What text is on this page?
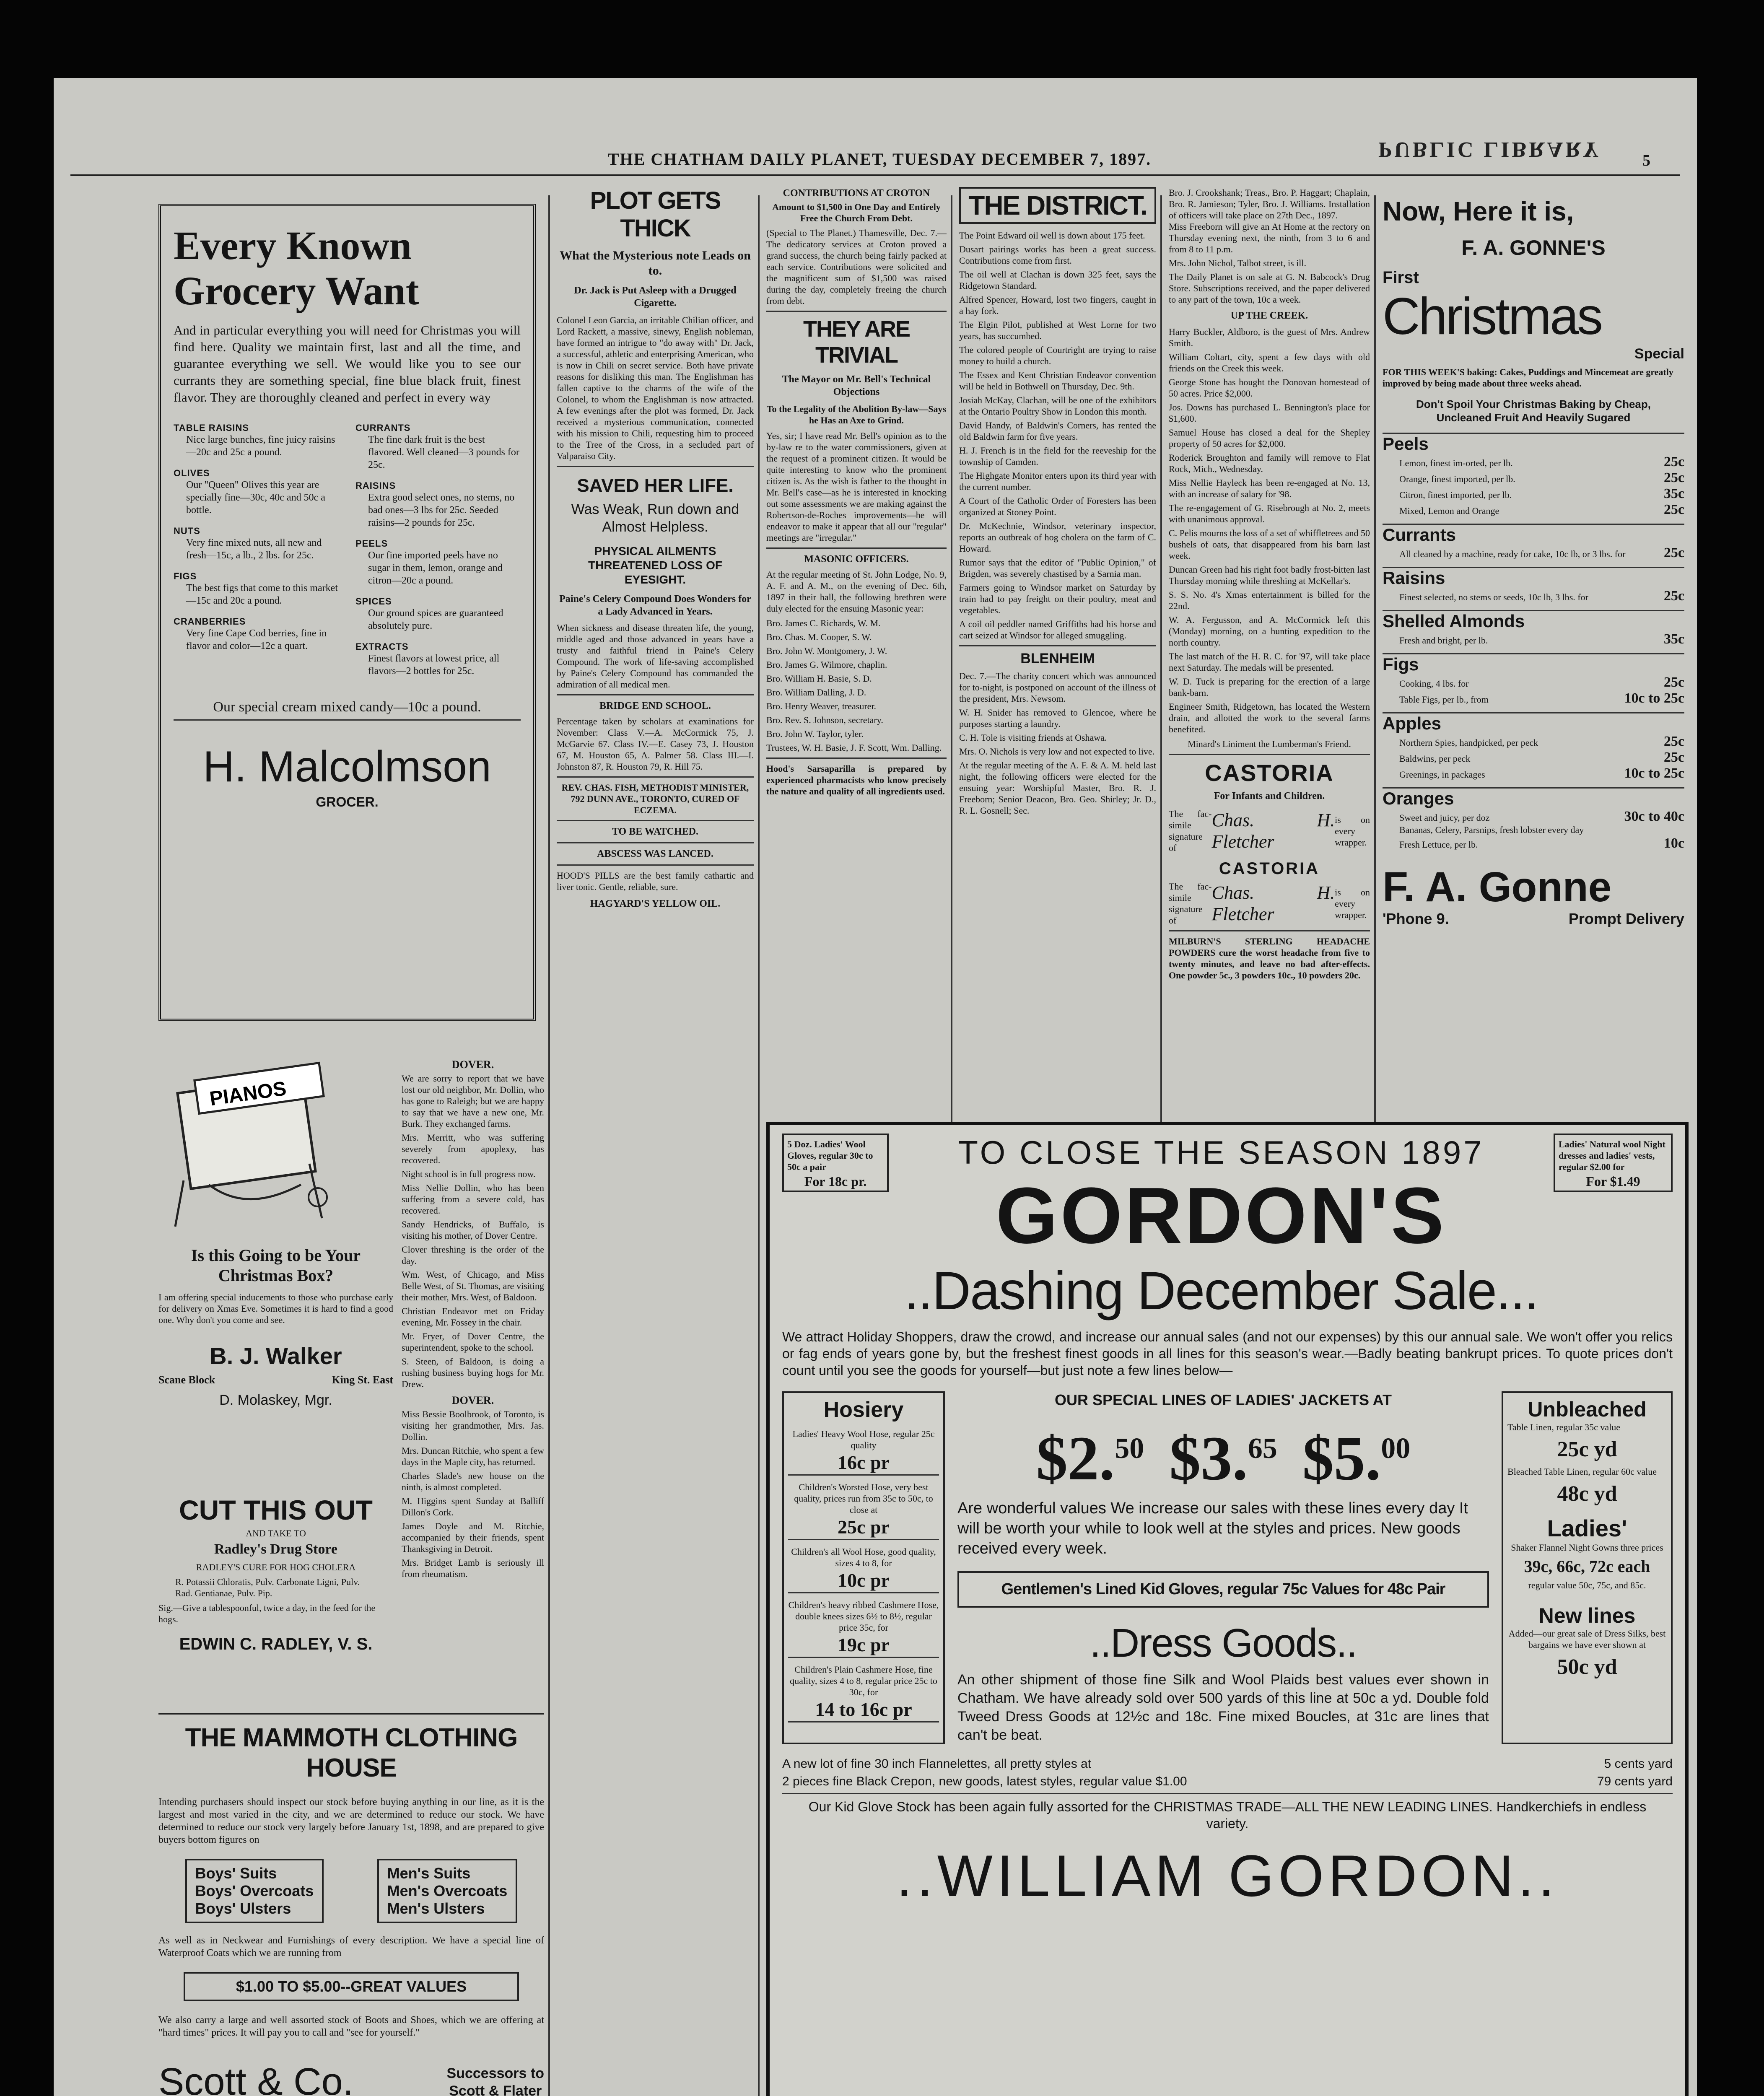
THE CHATHAM DAILY PLANET, TUESDAY DECEMBER 7, 1897.	PUBLIC LIBRARY	5
Every Known
Grocery Want
And in particular everything you will need for Christmas you will find here. Quality we maintain first, last and all the time, and guarantee everything we sell. We would like you to see our currants they are something special, fine blue black fruit, finest flavor. They are thoroughly cleaned and perfect in every way
TABLE RAISINS
Nice large bunches, fine juicy raisins—20c and 25c a pound.
OLIVES
Our "Queen" Olives this year are specially fine—30c, 40c and 50c a bottle.
NUTS
Very fine mixed nuts, all new and fresh—15c, a lb., 2 lbs. for 25c.
FIGS
The best figs that come to this market—15c and 20c a pound.
CRANBERRIES
Very fine Cape Cod berries, fine in flavor and color—12c a quart.
CURRANTS
The fine dark fruit is the best flavored. Well cleaned—3 pounds for 25c.
RAISINS
Extra good select ones, no stems, no bad ones—3 lbs for 25c. Seeded raisins—2 pounds for 25c.
PEELS
Our fine imported peels have no sugar in them, lemon, orange and citron—20c a pound.
SPICES
Our ground spices are guaranteed absolutely pure.
EXTRACTS
Finest flavors at lowest price, all flavors—2 bottles for 25c.
Our special cream mixed candy—10c a pound.
H. Malcolmson
GROCER.
PIANOS
Is this Going to be Your Christmas Box?
I am offering special inducements to those who purchase early for delivery on Xmas Eve. Sometimes it is hard to find a good one. Why don't you come and see.
B. J. Walker
Scane Block	King St. East
D. Molaskey, Mgr.
CUT THIS OUT
AND TAKE TO
Radley's Drug Store
RADLEY'S CURE FOR HOG CHOLERA
R. Potassii Chloratis, Pulv. Carbonate Ligni, Pulv. Rad. Gentianae, Pulv. Pip.
Sig.—Give a tablespoonful, twice a day, in the feed for the hogs.
EDWIN C. RADLEY, V. S.
DOVER.

We are sorry to report that we have lost our old neighbor, Mr. Dollin, who has gone to Raleigh; but we are happy to say that we have a new one, Mr. Burk. They exchanged farms.

Mrs. Merritt, who was suffering severely from apoplexy, has recovered.

Night school is in full progress now.

Miss Nellie Dollin, who has been suffering from a severe cold, has recovered.

Sandy Hendricks, of Buffalo, is visiting his mother, of Dover Centre.

Clover threshing is the order of the day.

Wm. West, of Chicago, and Miss Belle West, of St. Thomas, are visiting their mother, Mrs. West, of Baldoon.

Christian Endeavor met on Friday evening, Mr. Fossey in the chair.

Mr. Fryer, of Dover Centre, the superintendent, spoke to the school.

S. Steen, of Baldoon, is doing a rushing business buying hogs for Mr. Drew.

DOVER.

Miss Bessie Boolbrook, of Toronto, is visiting her grandmother, Mrs. Jas. Dollin.

Mrs. Duncan Ritchie, who spent a few days in the Maple city, has returned.

Charles Slade's new house on the ninth, is almost completed.

M. Higgins spent Sunday at Balliff Dillon's Cork.

James Doyle and M. Ritchie, accompanied by their friends, spent Thanksgiving in Detroit.

Mrs. Bridget Lamb is seriously ill from rheumatism.

THE MAMMOTH CLOTHING HOUSE
Intending purchasers should inspect our stock before buying anything in our line, as it is the largest and most varied in the city, and we are determined to reduce our stock. We have determined to reduce our stock very largely before January 1st, 1898, and are prepared to give buyers bottom figures on
Boys' Suits
Boys' Overcoats
Boys' Ulsters
Men's Suits
Men's Overcoats
Men's Ulsters
As well as in Neckwear and Furnishings of every description. We have a special line of Waterproof Coats which we are running from
$1.00 TO $5.00--GREAT VALUES
We also carry a large and well assorted stock of Boots and Shoes, which we are offering at "hard times" prices. It will pay you to call and "see for yourself."
Scott & Co.	Successors to
Scott & Flater
PLOT GETS THICK
What the Mysterious note Leads on to.
Dr. Jack is Put Asleep with a Drugged Cigarette.
Colonel Leon Garcia, an irritable Chilian officer, and Lord Rackett, a massive, sinewy, English nobleman, have formed an intrigue to "do away with" Dr. Jack, a successful, athletic and enterprising American, who is now in Chili on secret service. Both have private reasons for disliking this man. The Englishman has fallen captive to the charms of the wife of the Colonel, to whom the Englishman is now attracted. A few evenings after the plot was formed, Dr. Jack received a mysterious communication, connected with his mission to Chili, requesting him to proceed to the Tree of the Cross, in a secluded part of Valparaiso City.
SAVED HER LIFE.
Was Weak, Run down and Almost Helpless.
PHYSICAL AILMENTS THREATENED LOSS OF EYESIGHT.
Paine's Celery Compound Does Wonders for a Lady Advanced in Years.
When sickness and disease threaten life, the young, middle aged and those advanced in years have a trusty and faithful friend in Paine's Celery Compound. The work of life-saving accomplished by Paine's Celery Compound has commanded the admiration of all medical men.
BRIDGE END SCHOOL.
Percentage taken by scholars at examinations for November: Class V.—A. McCormick 75, J. McGarvie 67. Class IV.—E. Casey 73, J. Houston 67, M. Houston 65, A. Palmer 58. Class III.—I. Johnston 87, R. Houston 79, R. Hill 75.
REV. CHAS. FISH, METHODIST MINISTER, 792 DUNN AVE., TORONTO, CURED OF ECZEMA.
TO BE WATCHED.
ABSCESS WAS LANCED.
HOOD'S PILLS are the best family cathartic and liver tonic. Gentle, reliable, sure.
HAGYARD'S YELLOW OIL.
CONTRIBUTIONS AT CROTON
Amount to $1,500 in One Day and Entirely Free the Church From Debt.
(Special to The Planet.) Thamesville, Dec. 7.—The dedicatory services at Croton proved a grand success, the church being fairly packed at each service. Contributions were solicited and the magnificent sum of $1,500 was raised during the day, completely freeing the church from debt.
THEY ARE TRIVIAL
The Mayor on Mr. Bell's Technical Objections
To the Legality of the Abolition By-law—Says he Has an Axe to Grind.
Yes, sir; I have read Mr. Bell's opinion as to the by-law re to the water commissioners, given at the request of a prominent citizen. It would be quite interesting to know who the prominent citizen is. As the wish is father to the thought in Mr. Bell's case—as he is interested in knocking out some assessments we are making against the Robertson-de-Roches improvements—he will endeavor to make it appear that all our "regular" meetings are "irregular."
MASONIC OFFICERS.
At the regular meeting of St. John Lodge, No. 9, A. F. and A. M., on the evening of Dec. 6th, 1897 in their hall, the following brethren were duly elected for the ensuing Masonic year:

Bro. James C. Richards, W. M.

Bro. Chas. M. Cooper, S. W.

Bro. John W. Montgomery, J. W.

Bro. James G. Wilmore, chaplin.

Bro. William H. Basie, S. D.

Bro. William Dalling, J. D.

Bro. Henry Weaver, treasurer.

Bro. Rev. S. Johnson, secretary.

Bro. John W. Taylor, tyler.

Trustees, W. H. Basie, J. F. Scott, Wm. Dalling.

Hood's Sarsaparilla is prepared by experienced pharmacists who know precisely the nature and quality of all ingredients used.
THE DISTRICT.

The Point Edward oil well is down about 175 feet.

Dusart pairings works has been a great success. Contributions come from first.

The oil well at Clachan is down 325 feet, says the Ridgetown Standard.

Alfred Spencer, Howard, lost two fingers, caught in a hay fork.

The Elgin Pilot, published at West Lorne for two years, has succumbed.

The colored people of Courtright are trying to raise money to build a church.

The Essex and Kent Christian Endeavor convention will be held in Bothwell on Thursday, Dec. 9th.

Josiah McKay, Clachan, will be one of the exhibitors at the Ontario Poultry Show in London this month.

David Handy, of Baldwin's Corners, has rented the old Baldwin farm for five years.

H. J. French is in the field for the reeveship for the township of Camden.

The Highgate Monitor enters upon its third year with the current number.

A Court of the Catholic Order of Foresters has been organized at Stoney Point.

Dr. McKechnie, Windsor, veterinary inspector, reports an outbreak of hog cholera on the farm of C. Howard.

Rumor says that the editor of "Public Opinion," of Brigden, was severely chastised by a Sarnia man.

Farmers going to Windsor market on Saturday by train had to pay freight on their poultry, meat and vegetables.

A coil oil peddler named Griffiths had his horse and cart seized at Windsor for alleged smuggling.

BLENHEIM

Dec. 7.—The charity concert which was announced for to-night, is postponed on account of the illness of the president, Mrs. Newsom.

W. H. Snider has removed to Glencoe, where he purposes starting a laundry.

C. H. Tole is visiting friends at Oshawa.

Mrs. O. Nichols is very low and not expected to live.

At the regular meeting of the A. F. & A. M. held last night, the following officers were elected for the ensuing year: Worshipful Master, Bro. R. J. Freeborn; Senior Deacon, Bro. Geo. Shirley; Jr. D., R. L. Gosnell; Sec.

Bro. J. Crookshank; Treas., Bro. P. Haggart; Chaplain, Bro. R. Jamieson; Tyler, Bro. J. Williams. Installation of officers will take place on 27th Dec., 1897.

Miss Freeborn will give an At Home at the rectory on Thursday evening next, the ninth, from 3 to 6 and from 8 to 11 p.m.

Mrs. John Nichol, Talbot street, is ill.

The Daily Planet is on sale at G. N. Babcock's Drug Store. Subscriptions received, and the paper delivered to any part of the town, 10c a week.

UP THE CREEK.

Harry Buckler, Aldboro, is the guest of Mrs. Andrew Smith.

William Coltart, city, spent a few days with old friends on the Creek this week.

George Stone has bought the Donovan homestead of 50 acres. Price $2,000.

Jos. Downs has purchased L. Bennington's place for $1,600.

Samuel House has closed a deal for the Shepley property of 50 acres for $2,000.

Roderick Broughton and family will remove to Flat Rock, Mich., Wednesday.

Miss Nellie Hayleck has been re-engaged at No. 13, with an increase of salary for '98.

The re-engagement of G. Risebrough at No. 2, meets with unanimous approval.

C. Pelis mourns the loss of a set of whiffletrees and 50 bushels of oats, that disappeared from his barn last week.

Duncan Green had his right foot badly frost-bitten last Thursday morning while threshing at McKellar's.

S. S. No. 4's Xmas entertainment is billed for the 22nd.

W. A. Fergusson, and A. McCormick left this (Monday) morning, on a hunting expedition to the north country.

The last match of the H. R. C. for '97, will take place next Saturday. The medals will be presented.

W. D. Tuck is preparing for the erection of a large bank-barn.

Engineer Smith, Ridgetown, has located the Western drain, and allotted the work to the several farms benefited.

Minard's Liniment the Lumberman's Friend.
CASTORIA
For Infants and Children.
The fac-simile signature of
Chas. H. Fletcher
is on every wrapper.
CASTORIA
The fac-simile signature of
Chas. H. Fletcher
is on every wrapper.
MILBURN'S STERLING HEADACHE POWDERS cure the worst headache from five to twenty minutes, and leave no bad after-effects. One powder 5c., 3 powders 10c., 10 powders 20c.
Now, Here it is,
F. A. GONNE'S
First
Christmas
Special
FOR THIS WEEK'S baking: Cakes, Puddings and Mincemeat are greatly improved by being made about three weeks ahead.
Don't Spoil Your Christmas Baking by Cheap, Uncleaned Fruit And Heavily Sugared
Peels
Lemon, finest im-orted, per lb.	25c
Orange, finest imported, per lb.	25c
Citron, finest imported, per lb.	35c
Mixed, Lemon and Orange	25c
Currants
All cleaned by a machine, ready for cake, 10c lb, or 3 lbs. for	25c
Raisins
Finest selected, no stems or seeds, 10c lb, 3 lbs. for	25c
Shelled Almonds
Fresh and bright, per lb.	35c
Figs
Cooking, 4 lbs. for	25c
Table Figs, per lb., from	10c to 25c
Apples
Northern Spies, handpicked, per peck	25c
Baldwins, per peck	25c
Greenings, in packages	10c to 25c
Oranges
Sweet and juicy, per doz	30c to 40c
Bananas, Celery, Parsnips, fresh lobster every day
Fresh Lettuce, per lb.	10c
F. A. Gonne
'Phone 9.	Prompt Delivery
5 Doz. Ladies' Wool Gloves, regular 30c to 50c a pair
For 18c pr.
TO CLOSE THE SEASON 1897
GORDON'S
..Dashing December Sale...
Ladies' Natural wool Night dresses and ladies' vests, regular $2.00 for
For $1.49
We attract Holiday Shoppers, draw the crowd, and increase our annual sales (and not our expenses) by this our annual sale. We won't offer you relics or fag ends of years gone by, but the freshest finest goods in all lines for this season's wear.—Badly beating bankrupt prices. To quote prices don't count until you see the goods for yourself—but just note a few lines below—
Hosiery
Ladies' Heavy Wool Hose, regular 25c quality
16c pr
Children's Worsted Hose, very best quality, prices run from 35c to 50c, to close at
25c pr
Children's all Wool Hose, good quality, sizes 4 to 8, for
10c pr
Children's heavy ribbed Cashmere Hose, double knees sizes 6½ to 8½, regular price 35c, for
19c pr
Children's Plain Cashmere Hose, fine quality, sizes 4 to 8, regular price 25c to 30c, for
14 to 16c pr
OUR SPECIAL LINES OF LADIES' JACKETS AT
$2.50 $3.65 $5.00
Are wonderful values We increase our sales with these lines every day It will be worth your while to look well at the styles and prices. New goods received every week.
Gentlemen's Lined Kid Gloves, regular 75c Values for 48c Pair
..Dress Goods..
An other shipment of those fine Silk and Wool Plaids best values ever shown in Chatham. We have already sold over 500 yards of this line at 50c a yd. Double fold Tweed Dress Goods at 12½c and 18c. Fine mixed Boucles, at 31c are lines that can't be beat.
Unbleached
Table Linen, regular 35c value
25c yd
Bleached Table Linen, regular 60c value
48c yd
Ladies'
Shaker Flannel Night Gowns three prices
39c, 66c, 72c each
regular value 50c, 75c, and 85c.
New lines
Added—our great sale of Dress Silks, best bargains we have ever shown at
50c yd
A new lot of fine 30 inch Flannelettes, all pretty styles at	5 cents yard
2 pieces fine Black Crepon, new goods, latest styles, regular value $1.00	79 cents yard
Our Kid Glove Stock has been again fully assorted for the CHRISTMAS TRADE—ALL THE NEW LEADING LINES. Handkerchiefs in endless variety.
..WILLIAM GORDON..
